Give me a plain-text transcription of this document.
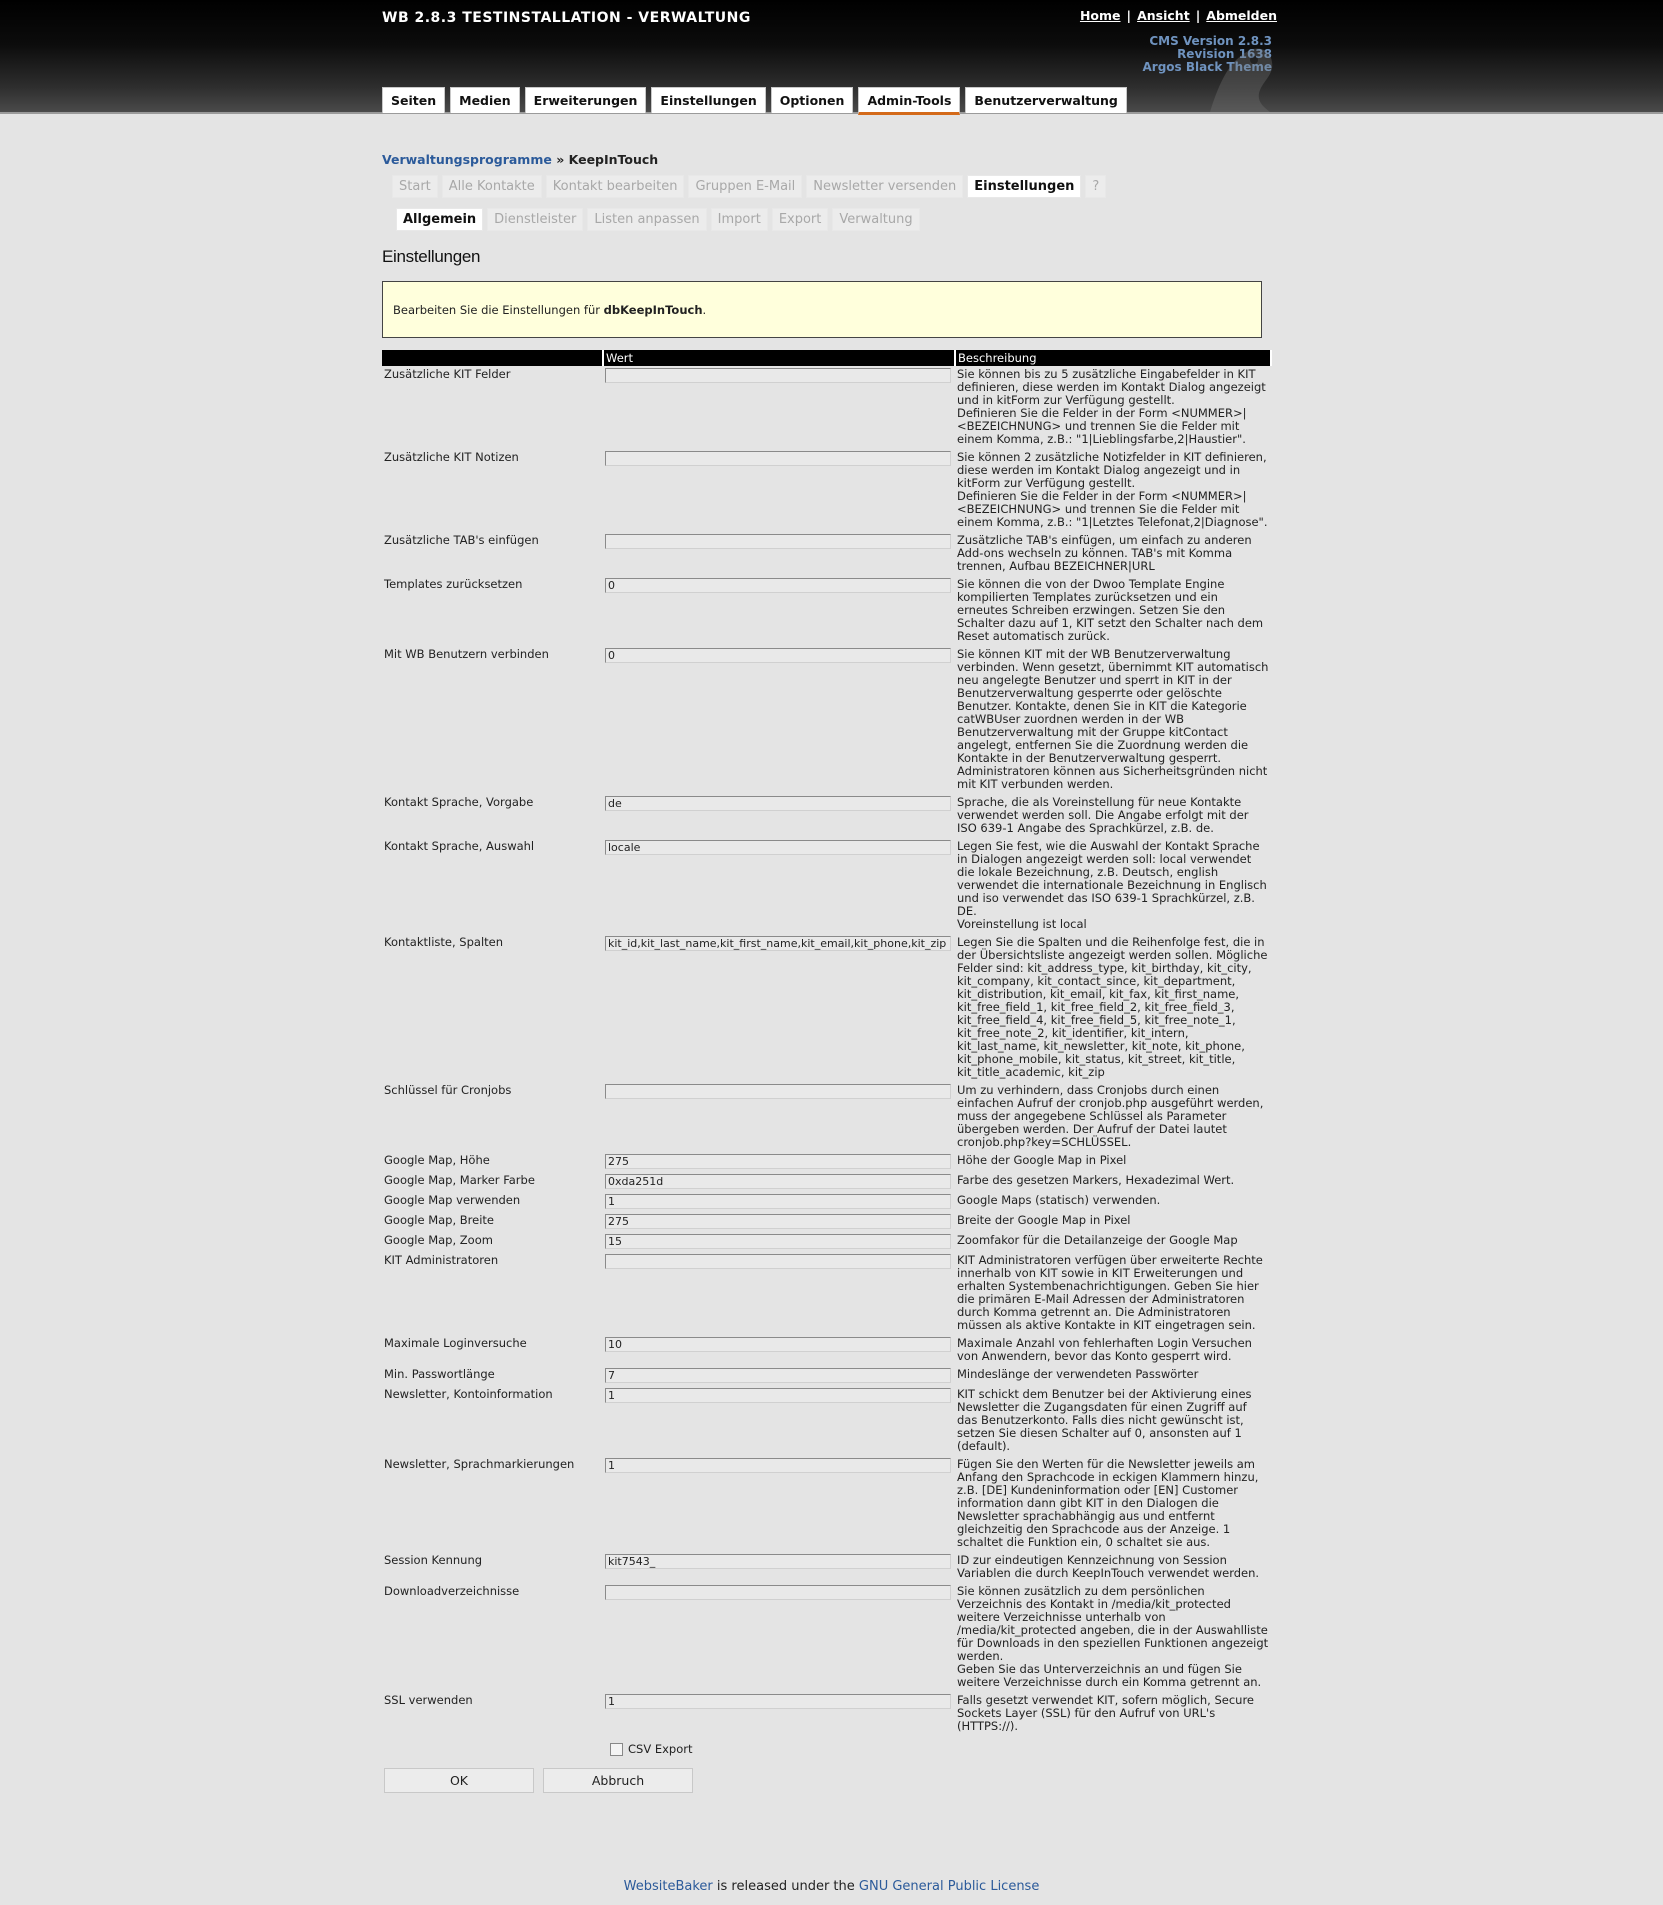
WB 2.8.3 TESTINSTALLATION - VERWALTUNG	Home | Ansicht | Abmelden
CMS Version 2.8.3
Revision 1638
Argos Black Theme
Seiten	Medien	Erweiterungen	Einstellungen	Optionen	Admin-Tools	Benutzerverwaltung
Verwaltungsprogramme » KeepInTouch
Start	Alle Kontakte	Kontakt bearbeiten	Gruppen E-Mail	Newsletter versenden	Einstellungen	?
Allgemein	Dienstleister	Listen anpassen	Import	Export	Verwaltung
Einstellungen
Bearbeiten Sie die Einstellungen für dbKeepInTouch.
	Wert	Beschreibung
Zusätzliche KIT Felder		Sie können bis zu 5 zusätzliche Eingabefelder in KIT definieren, diese werden im Kontakt Dialog angezeigt und in kitForm zur Verfügung gestellt.
Definieren Sie die Felder in der Form <NUMMER>|<BEZEICHNUNG> und trennen Sie die Felder mit einem Komma, z.B.: "1|Lieblingsfarbe,2|Haustier".
Zusätzliche KIT Notizen		Sie können 2 zusätzliche Notizfelder in KIT definieren, diese werden im Kontakt Dialog angezeigt und in kitForm zur Verfügung gestellt.
Definieren Sie die Felder in der Form <NUMMER>|<BEZEICHNUNG> und trennen Sie die Felder mit einem Komma, z.B.: "1|Letztes Telefonat,2|Diagnose".
Zusätzliche TAB's einfügen		Zusätzliche TAB's einfügen, um einfach zu anderen Add-ons wechseln zu können. TAB's mit Komma trennen, Aufbau BEZEICHNER|URL
Templates zurücksetzen	0	Sie können die von der Dwoo Template Engine kompilierten Templates zurücksetzen und ein erneutes Schreiben erzwingen. Setzen Sie den Schalter dazu auf 1, KIT setzt den Schalter nach dem Reset automatisch zurück.
Mit WB Benutzern verbinden	0	Sie können KIT mit der WB Benutzerverwaltung verbinden. Wenn gesetzt, übernimmt KIT automatisch neu angelegte Benutzer und sperrt in KIT in der Benutzerverwaltung gesperrte oder gelöschte Benutzer. Kontakte, denen Sie in KIT die Kategorie catWBUser zuordnen werden in der WB Benutzerverwaltung mit der Gruppe kitContact angelegt, entfernen Sie die Zuordnung werden die Kontakte in der Benutzerverwaltung gesperrt. Administratoren können aus Sicherheitsgründen nicht mit KIT verbunden werden.
Kontakt Sprache, Vorgabe	de	Sprache, die als Voreinstellung für neue Kontakte verwendet werden soll. Die Angabe erfolgt mit der ISO 639-1 Angabe des Sprachkürzel, z.B. de.
Kontakt Sprache, Auswahl	locale	Legen Sie fest, wie die Auswahl der Kontakt Sprache in Dialogen angezeigt werden soll: local verwendet die lokale Bezeichnung, z.B. Deutsch, english verwendet die internationale Bezeichnung in Englisch und iso verwendet das ISO 639-1 Sprachkürzel, z.B. DE.
Voreinstellung ist local
Kontaktliste, Spalten	kit_id,kit_last_name,kit_first_name,kit_email,kit_phone,kit_zip	Legen Sie die Spalten und die Reihenfolge fest, die in der Übersichtsliste angezeigt werden sollen. Mögliche Felder sind: kit_address_type, kit_birthday, kit_city, kit_company, kit_contact_since, kit_department, kit_distribution, kit_email, kit_fax, kit_first_name, kit_free_field_1, kit_free_field_2, kit_free_field_3, kit_free_field_4, kit_free_field_5, kit_free_note_1, kit_free_note_2, kit_identifier, kit_intern, kit_last_name, kit_newsletter, kit_note, kit_phone, kit_phone_mobile, kit_status, kit_street, kit_title, kit_title_academic, kit_zip
Schlüssel für Cronjobs		Um zu verhindern, dass Cronjobs durch einen einfachen Aufruf der cronjob.php ausgeführt werden, muss der angegebene Schlüssel als Parameter übergeben werden. Der Aufruf der Datei lautet cronjob.php?key=SCHLÜSSEL.
Google Map, Höhe	275	Höhe der Google Map in Pixel
Google Map, Marker Farbe	0xda251d	Farbe des gesetzen Markers, Hexadezimal Wert.
Google Map verwenden	1	Google Maps (statisch) verwenden.
Google Map, Breite	275	Breite der Google Map in Pixel
Google Map, Zoom	15	Zoomfakor für die Detailanzeige der Google Map
KIT Administratoren		KIT Administratoren verfügen über erweiterte Rechte innerhalb von KIT sowie in KIT Erweiterungen und erhalten Systembenachrichtigungen. Geben Sie hier die primären E-Mail Adressen der Administratoren durch Komma getrennt an. Die Administratoren müssen als aktive Kontakte in KIT eingetragen sein.
Maximale Loginversuche	10	Maximale Anzahl von fehlerhaften Login Versuchen von Anwendern, bevor das Konto gesperrt wird.
Min. Passwortlänge	7	Mindeslänge der verwendeten Passwörter
Newsletter, Kontoinformation	1	KIT schickt dem Benutzer bei der Aktivierung eines Newsletter die Zugangsdaten für einen Zugriff auf das Benutzerkonto. Falls dies nicht gewünscht ist, setzen Sie diesen Schalter auf 0, ansonsten auf 1 (default).
Newsletter, Sprachmarkierungen	1	Fügen Sie den Werten für die Newsletter jeweils am Anfang den Sprachcode in eckigen Klammern hinzu, z.B. [DE] Kundeninformation oder [EN] Customer information dann gibt KIT in den Dialogen die Newsletter sprachabhängig aus und entfernt gleichzeitig den Sprachcode aus der Anzeige. 1 schaltet die Funktion ein, 0 schaltet sie aus.
Session Kennung	kit7543_	ID zur eindeutigen Kennzeichnung von Session Variablen die durch KeepInTouch verwendet werden.
Downloadverzeichnisse		Sie können zusätzlich zu dem persönlichen Verzeichnis des Kontakt in /media/kit_protected weitere Verzeichnisse unterhalb von /media/kit_protected angeben, die in der Auswahlliste für Downloads in den speziellen Funktionen angezeigt werden.
Geben Sie das Unterverzeichnis an und fügen Sie weitere Verzeichnisse durch ein Komma getrennt an.
SSL verwenden	1	Falls gesetzt verwendet KIT, sofern möglich, Secure Sockets Layer (SSL) für den Aufruf von URL's (HTTPS://).
CSV Export
OK	Abbruch
WebsiteBaker is released under the GNU General Public License
